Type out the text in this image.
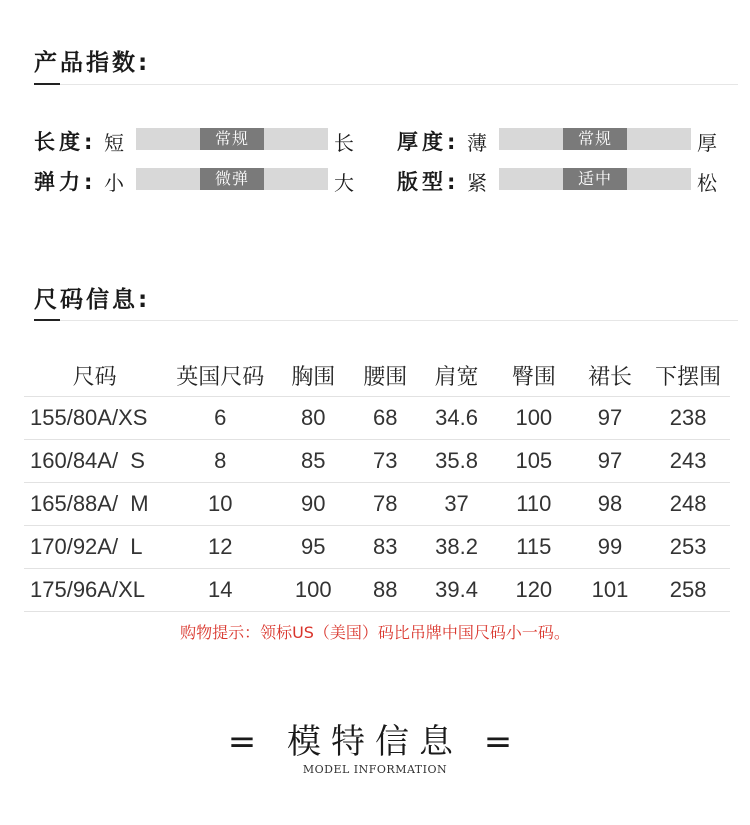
产品指数:
长度: 短	常规	长 厚度: 薄	常规	厚
弹力: 小	微弹	大 版型: 紧	适中	松
尺码信息:
尺码	英国尺码	胸围	腰围	肩宽	臀围	裙长	下摆围
155/80A/XS	6	80	68	34.6	100	97	238
160/84A/  S	8	85	73	35.8	105	97	243
165/88A/  M	10	90	78	37	110	98	248
170/92A/  L	12	95	83	38.2	115	99	253
175/96A/XL	14	100	88	39.4	120	101	258
购物提示：领标US（美国）码比吊牌中国尺码小一码。
= 模特信息 =
MODEL INFORMATION
